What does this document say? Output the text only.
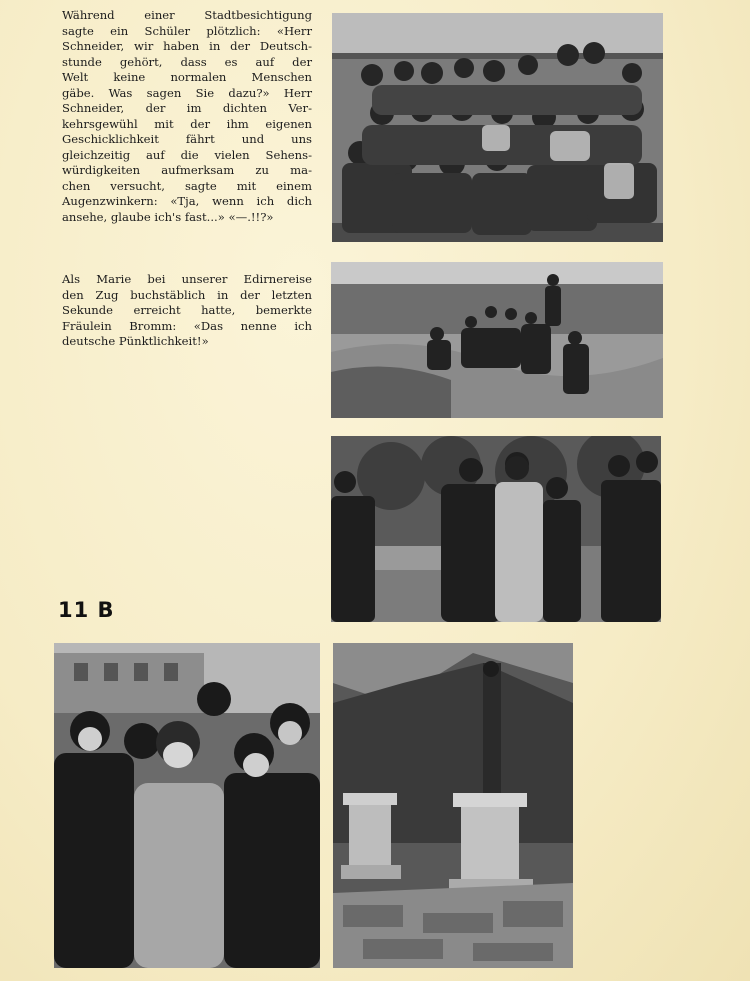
Während einer Stadtbesichtigung
sagte ein Schüler plötzlich: «Herr
Schneider, wir haben in der Deutsch-
stunde gehört, dass es auf der
Welt keine normalen Menschen
gäbe. Was sagen Sie dazu?» Herr
Schneider, der im dichten Ver-
kehrsgewühl mit der ihm eigenen
Geschicklichkeit fährt und uns
gleichzeitig auf die vielen Sehens-
würdigkeiten aufmerksam zu ma-
chen versucht, sagte mit einem
Augenzwinkern: «Tja, wenn ich dich
ansehe, glaube ich's fast...» «—.!!?»
Als Marie bei unserer Edirnereise
den Zug buchstäblich in der letzten
Sekunde erreicht hatte, bemerkte
Fräulein Bromm: «Das nenne ich
deutsche Pünktlichkeit!»
11 B
